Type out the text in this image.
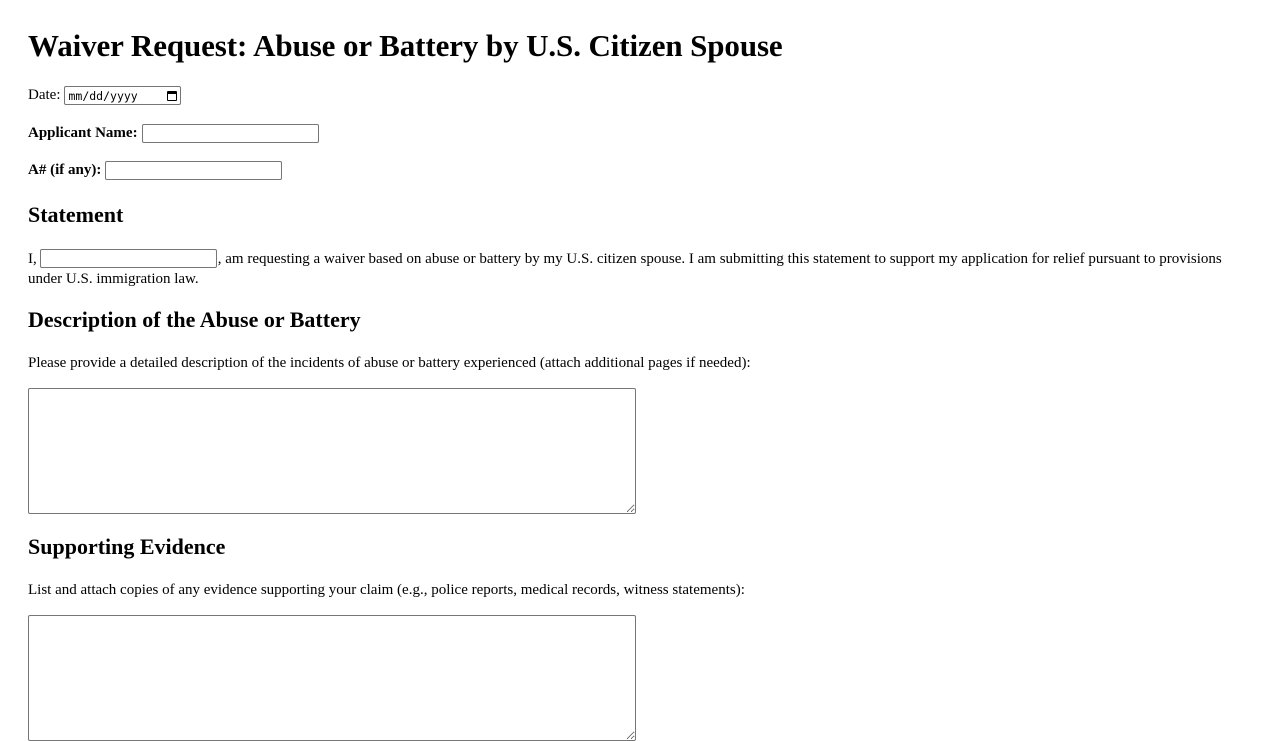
Waiver Request: Abuse or Battery by U.S. Citizen Spouse
Date: mm/dd/yyyy
Applicant Name:
A# (if any):
Statement

I,	, am requesting a waiver based on abuse or battery by my U.S. citizen spouse. I am submitting this statement to support my application for relief pursuant to provisions under U.S. immigration law.

Description of the Abuse or Battery

Please provide a detailed description of the incidents of abuse or battery experienced (attach additional pages if needed):

Supporting Evidence

List and attach copies of any evidence supporting your claim (e.g., police reports, medical records, witness statements):
